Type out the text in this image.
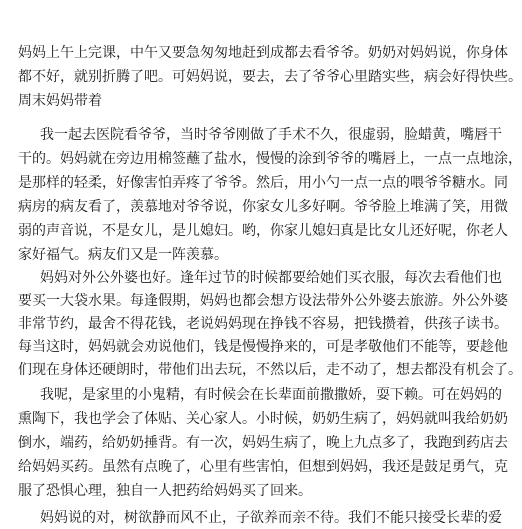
妈妈上午上完课，中午又要急匆匆地赶到成都去看爷爷。奶奶对妈妈说，你身体
都不好，就别折腾了吧。可妈妈说，要去，去了爷爷心里踏实些，病会好得快些。
周末妈妈带着
我一起去医院看爷爷，当时爷爷刚做了手术不久，很虚弱，脸蜡黄，嘴唇干
干的。妈妈就在旁边用棉签蘸了盐水，慢慢的涂到爷爷的嘴唇上，一点一点地涂，
是那样的轻柔，好像害怕弄疼了爷爷。然后，用小勺一点一点的喂爷爷糖水。同
病房的病友看了，羡慕地对爷爷说，你家女儿多好啊。爷爷脸上堆满了笑，用微
弱的声音说，不是女儿，是儿媳妇。哟，你家儿媳妇真是比女儿还好呢，你老人
家好福气。病友们又是一阵羡慕。
妈妈对外公外婆也好。逢年过节的时候都要给她们买衣服，每次去看他们也
要买一大袋水果。每逢假期，妈妈也都会想方设法带外公外婆去旅游。外公外婆
非常节约，最舍不得花钱，老说妈妈现在挣钱不容易，把钱攒着，供孩子读书。
每当这时，妈妈就会劝说他们，钱是慢慢挣来的，可是孝敬他们不能等，要趁他
们现在身体还硬朗时，带他们出去玩，不然以后，走不动了，想去都没有机会了。
我呢，是家里的小鬼精，有时候会在长辈面前撒撒娇，耍下赖。可在妈妈的
熏陶下，我也学会了体贴、关心家人。小时候，奶奶生病了，妈妈就叫我给奶奶
倒水，端药，给奶奶捶背。有一次，妈妈生病了，晚上九点多了，我跑到药店去
给妈妈买药。虽然有点晚了，心里有些害怕，但想到妈妈，我还是鼓足勇气，克
服了恐惧心理，独自一人把药给妈妈买了回来。
妈妈说的对，树欲静而风不止，子欲养而亲不待。我们不能只接受长辈的爱
